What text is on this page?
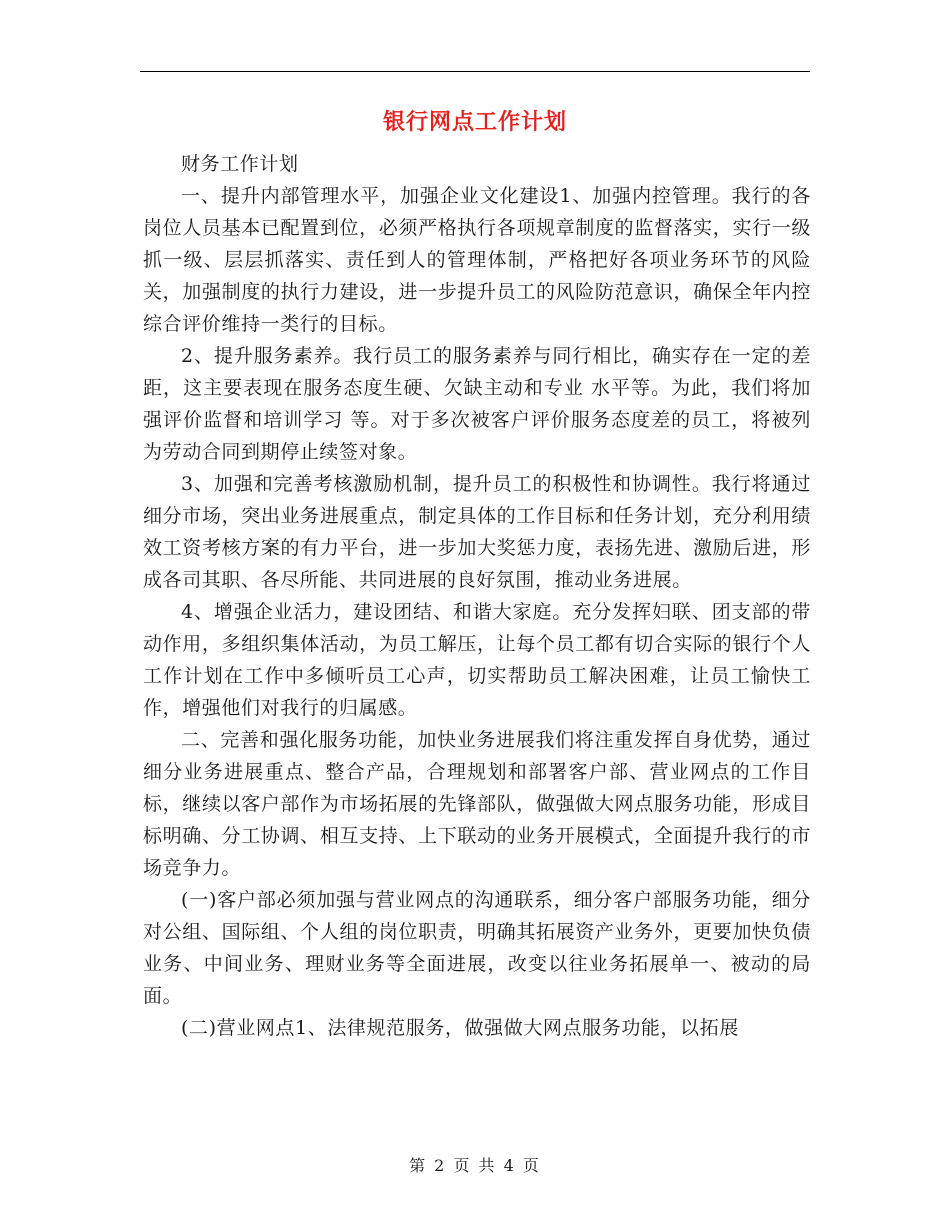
银行网点工作计划

财务工作计划

一、提升内部管理水平，加强企业文化建设1、加强内控管理。我行的各岗位人员基本已配置到位，必须严格执行各项规章制度的监督落实，实行一级抓一级、层层抓落实、责任到人的管理体制，严格把好各项业务环节的风险关，加强制度的执行力建设，进一步提升员工的风险防范意识，确保全年内控综合评价维持一类行的目标。

2、提升服务素养。我行员工的服务素养与同行相比，确实存在一定的差距，这主要表现在服务态度生硬、欠缺主动和专业 水平等。为此，我们将加强评价监督和培训学习 等。对于多次被客户评价服务态度差的员工，将被列为劳动合同到期停止续签对象。

3、加强和完善考核激励机制，提升员工的积极性和协调性。我行将通过细分市场，突出业务进展重点，制定具体的工作目标和任务计划，充分利用绩效工资考核方案的有力平台，进一步加大奖惩力度，表扬先进、激励后进，形成各司其职、各尽所能、共同进展的良好氛围，推动业务进展。

4、增强企业活力，建设团结、和谐大家庭。充分发挥妇联、团支部的带动作用，多组织集体活动，为员工解压，让每个员工都有切合实际的银行个人工作计划在工作中多倾听员工心声，切实帮助员工解决困难，让员工愉快工作，增强他们对我行的归属感。

二、完善和强化服务功能，加快业务进展我们将注重发挥自身优势，通过细分业务进展重点、整合产品，合理规划和部署客户部、营业网点的工作目标，继续以客户部作为市场拓展的先锋部队，做强做大网点服务功能，形成目标明确、分工协调、相互支持、上下联动的业务开展模式，全面提升我行的市场竞争力。

(一)客户部必须加强与营业网点的沟通联系，细分客户部服务功能，细分对公组、国际组、个人组的岗位职责，明确其拓展资产业务外，更要加快负债业务、中间业务、理财业务等全面进展，改变以往业务拓展单一、被动的局面。

(二)营业网点1、法律规范服务，做强做大网点服务功能，以拓展

第 2 页 共 4 页
